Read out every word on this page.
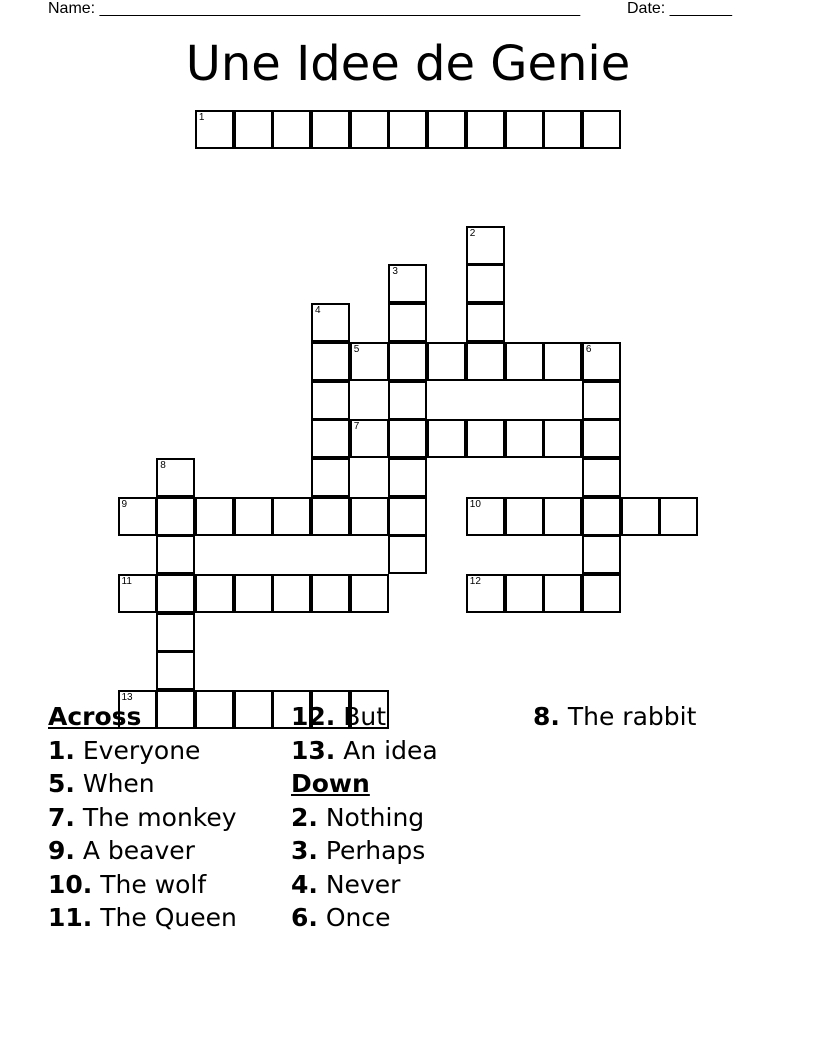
Name: ______________________________________________________	Date: _______
Une Idee de Genie
1
2
3
4
5	6
7
8
9	10
11	12
13
Across
1. Everyone
5. When
7. The monkey
9. A beaver
10. The wolf
11. The Queen
12. But
13. An idea
Down
2. Nothing
3. Perhaps
4. Never
6. Once
8. The rabbit
